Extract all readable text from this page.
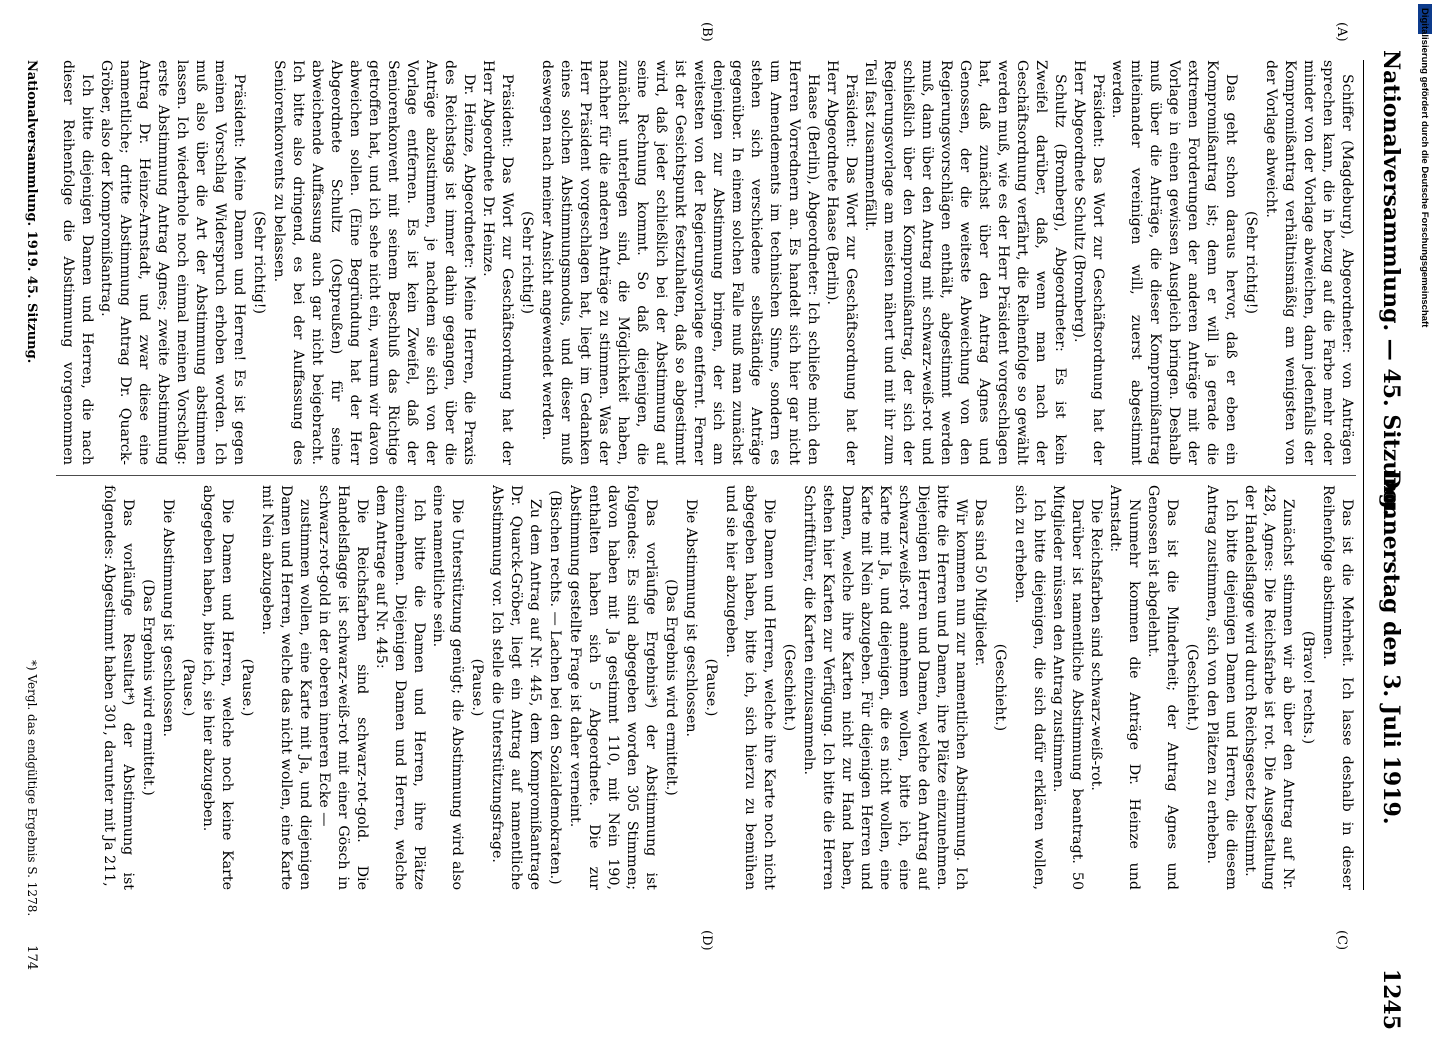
Nationalversammlung. — 45. Sitzung.
Donnerstag den 3. Juli 1919.
1245
(A)
(B)
(C)
(D)

Schiffer (Magdeburg), Abgeordneter: von Anträgen sprechen kann, die in bezug auf die Farbe mehr oder minder von der Vorlage abweichen, dann jedenfalls der Kompromißantrag verhältnismäßig am wenigsten von der Vorlage abweicht.

(Sehr richtig!)

Das geht schon daraus hervor, daß er eben ein Kompromißantrag ist; denn er will ja gerade die extremen Forderungen der anderen Anträge mit der Vorlage in einen gewissen Ausgleich bringen. Deshalb muß über die Anträge, die dieser Kompromißantrag miteinander vereinigen will, zuerst abgestimmt werden.

Präsident: Das Wort zur Geschäftsordnung hat der Herr Abgeordnete Schultz (Bromberg).

Schultz (Bromberg), Abgeordneter: Es ist kein Zweifel darüber, daß, wenn man nach der Geschäftsordnung verfährt, die Reihenfolge so gewählt werden muß, wie es der Herr Präsident vorgeschlagen hat, daß zunächst über den Antrag Agnes und Genossen, der die weiteste Abweichung von den Regierungsvorschlägen enthält, abgestimmt werden muß, dann über den Antrag mit schwarz-weiß-rot und schließlich über den Kompromißantrag, der sich der Regierungsvorlage am meisten nähert und mit ihr zum Teil fast zusammenfällt.

Präsident: Das Wort zur Geschäftsordnung hat der Herr Abgeordnete Haase (Berlin).

Haase (Berlin), Abgeordneter: Ich schließe mich den Herren Vorrednern an. Es handelt sich hier gar nicht um Amendements im technischen Sinne, sondern es stehen sich verschiedene selbständige Anträge gegenüber. In einem solchen Falle muß man zunächst denjenigen zur Abstimmung bringen, der sich am weitesten von der Regierungsvorlage entfernt. Ferner ist der Gesichtspunkt festzuhalten, daß so abgestimmt wird, daß jeder schließlich bei der Abstimmung auf seine Rechnung kommt. So daß diejenigen, die zunächst unterlegen sind, die Möglichkeit haben, nachher für die anderen Anträge zu stimmen. Was der Herr Präsident vorgeschlagen hat, liegt im Gedanken eines solchen Abstimmungsmodus, und dieser muß deswegen nach meiner Ansicht angewendet werden.

(Sehr richtig!)

Präsident: Das Wort zur Geschäftsordnung hat der Herr Abgeordnete Dr. Heinze.

Dr. Heinze, Abgeordneter: Meine Herren, die Praxis des Reichstags ist immer dahin gegangen, über die Anträge abzustimmen, je nachdem sie sich von der Vorlage entfernen. Es ist kein Zweifel, daß der Seniorenkonvent mit seinem Beschluß das Richtige getroffen hat, und ich sehe nicht ein, warum wir davon abweichen sollen. (Eine Begründung hat der Herr Abgeordnete Schultz (Ostpreußen) für seine abweichende Auffassung auch gar nicht beigebracht. Ich bitte also dringend, es bei der Auffassung des Seniorenkonvents zu belassen.

(Sehr richtig!)

Präsident: Meine Damen und Herren! Es ist gegen meinen Vorschlag Widerspruch erhoben worden. Ich muß also über die Art der Abstimmung abstimmen lassen. Ich wiederhole noch einmal meinen Vorschlag: erste Abstimmung Antrag Agnes; zweite Abstimmung Antrag Dr. Heinze-Arnstadt, und zwar diese eine namentliche; dritte Abstimmung Antrag Dr. Quarck-Gröber, also der Kompromißantrag.

Ich bitte diejenigen Damen und Herren, die nach dieser Reihenfolge die Abstimmung vorgenommen

Das ist die Mehrheit. Ich lasse deshalb in dieser Reihenfolge abstimmen.

(Bravo! rechts.)

Zunächst stimmen wir ab über den Antrag auf Nr. 428, Agnes: Die Reichsfarbe ist rot. Die Ausgestaltung der Handelsflagge wird durch Reichsgesetz bestimmt.

Ich bitte diejenigen Damen und Herren, die diesem Antrag zustimmen, sich von den Plätzen zu erheben.

(Geschieht.)

Das ist die Minderheit; der Antrag Agnes und Genossen ist abgelehnt.

Nunmehr kommen die Anträge Dr. Heinze und Arnstadt:

Die Reichsfarben sind schwarz-weiß-rot.

Darüber ist namentliche Abstimmung beantragt. 50 Mitglieder müssen den Antrag zustimmen.

Ich bitte diejenigen, die sich dafür erklären wollen, sich zu erheben.

(Geschieht.)

Das sind 50 Mitglieder.

Wir kommen nun zur namentlichen Abstimmung. Ich bitte die Herren und Damen, ihre Plätze einzunehmen. Diejenigen Herren und Damen, welche den Antrag auf schwarz-weiß-rot annehmen wollen, bitte ich, eine Karte mit Ja, und diejenigen, die es nicht wollen, eine Karte mit Nein abzugeben. Für diejenigen Herren und Damen, welche ihre Karten nicht zur Hand haben, stehen hier Karten zur Verfügung. Ich bitte die Herren Schriftführer, die Karten einzusammeln.

(Geschieht.)

Die Damen und Herren, welche ihre Karte noch nicht abgegeben haben, bitte ich, sich hierzu zu bemühen und sie hier abzugeben.

(Pause.)

Die Abstimmung ist geschlossen.

(Das Ergebnis wird ermittelt.)

Das vorläufige Ergebnis*) der Abstimmung ist folgendes: Es sind abgegeben worden 305 Stimmen; davon haben mit Ja gestimmt 110, mit Nein 190, enthalten haben sich 5 Abgeordnete. Die zur Abstimmung gestellte Frage ist daher verneint.

(Bischen rechts. — Lachen bei den Sozialdemokraten.)

Zu dem Antrag auf Nr. 445, dem Kompromißantrage Dr. Quarck-Gröber, liegt ein Antrag auf namentliche Abstimmung vor. Ich stelle die Unterstützungsfrage.

(Pause.)

Die Unterstützung genügt; die Abstimmung wird also eine namentliche sein.

Ich bitte die Damen und Herren, ihre Plätze einzunehmen. Diejenigen Damen und Herren, welche dem Antrage auf Nr. 445:

Die Reichsfarben sind schwarz-rot-gold. Die Handelsflagge ist schwarz-weiß-rot mit einer Gösch in schwarz-rot-gold in der oberen inneren Ecke —

zustimmen wollen, eine Karte mit Ja, und diejenigen Damen und Herren, welche das nicht wollen, eine Karte mit Nein abzugeben.

(Pause.)

Die Damen und Herren, welche noch keine Karte abgegeben haben, bitte ich, sie hier abzugeben.

(Pause.)

Die Abstimmung ist geschlossen.

(Das Ergebnis wird ermittelt.)

Das vorläufige Resultat*) der Abstimmung ist folgendes: Abgestimmt haben 301, darunter mit Ja 211,

Nationalversammlung. 1919. 45. Sitzung.
*) Vergl. das endgültige Ergebnis S. 1278.
174
Digitalisierung gefördert durch die Deutsche Forschungsgemeinschaft
